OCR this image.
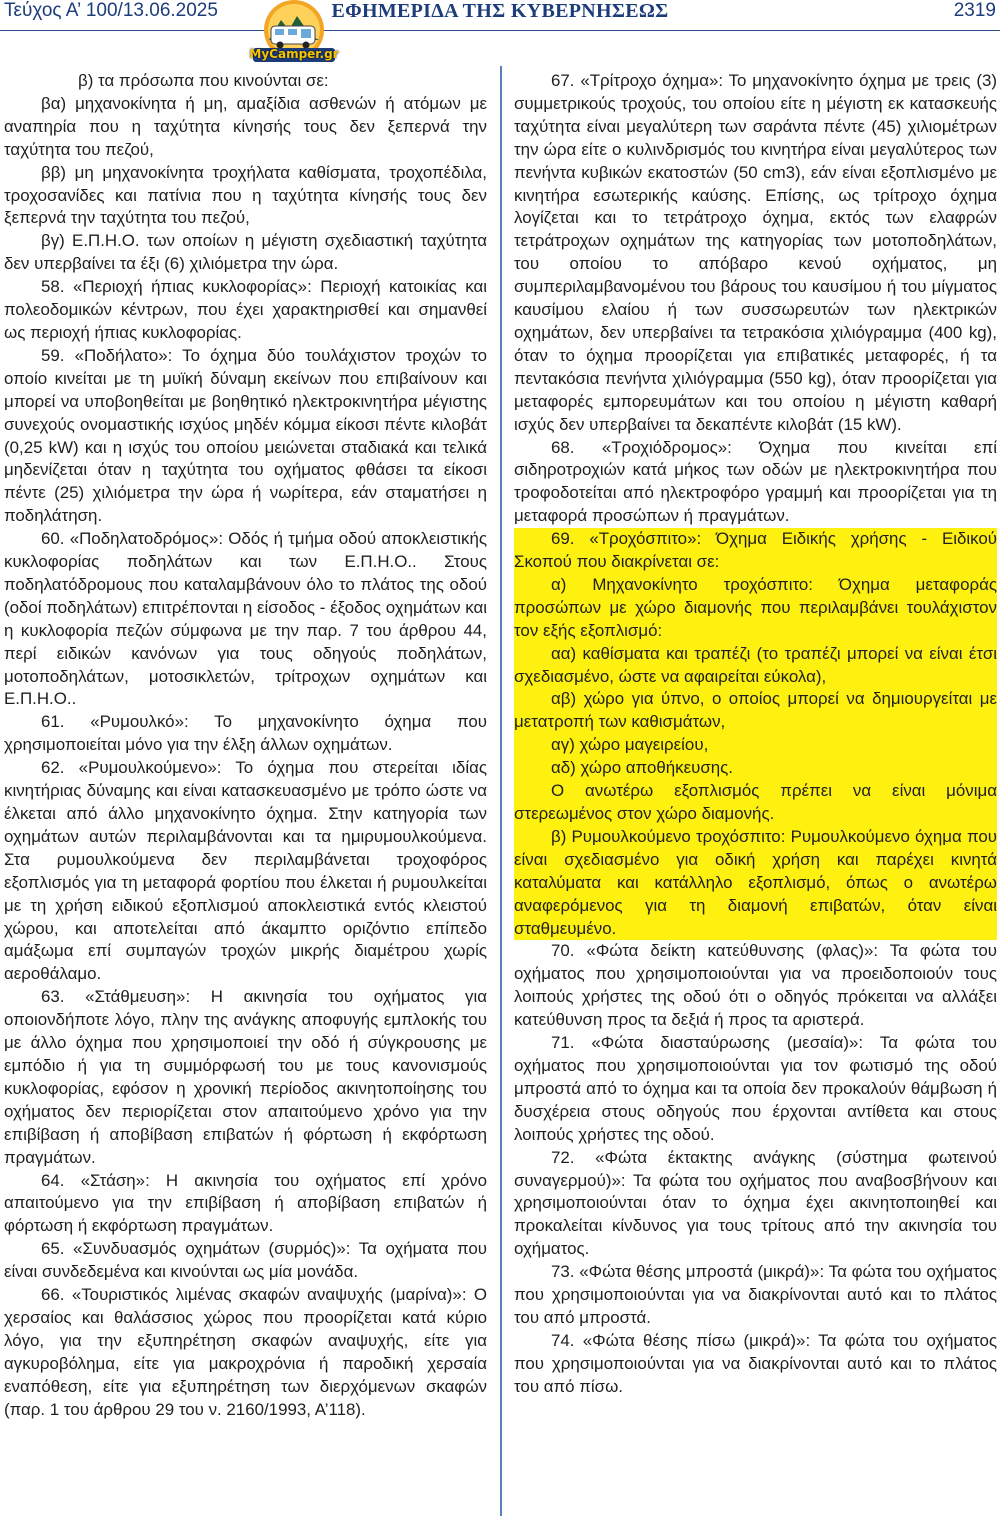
Τεύχος Α’ 100/13.06.2025	ΕΦΗΜΕΡΙΔΑ ΤΗΣ ΚΥΒΕΡΝΗΣΕΩΣ	2319
MyCamper.gr

β) τα πρόσωπα που κινούνται σε:

βα) μηχανοκίνητα ή μη, αμαξίδια ασθενών ή ατόμων με αναπηρία που η ταχύτητα κίνησής τους δεν ξεπερνά την ταχύτητα του πεζού,

ββ) μη μηχανοκίνητα τροχήλατα καθίσματα, τροχοπέδιλα, τροχοσανίδες και πατίνια που η ταχύτητα κίνησής τους δεν ξεπερνά την ταχύτητα του πεζού,

βγ) Ε.Π.Η.Ο. των οποίων η μέγιστη σχεδιαστική ταχύτητα δεν υπερβαίνει τα έξι (6) χιλιόμετρα την ώρα.

58. «Περιοχή ήπιας κυκλοφορίας»: Περιοχή κατοικίας και πολεοδομικών κέντρων, που έχει χαρακτηρισθεί και σημανθεί ως περιοχή ήπιας κυκλοφορίας.

59. «Ποδήλατο»: Το όχημα δύο τουλάχιστον τροχών το οποίο κινείται με τη μυϊκή δύναμη εκείνων που επιβαίνουν και μπορεί να υποβοηθείται με βοηθητικό ηλεκτροκινητήρα μέγιστης συνεχούς ονομαστικής ισχύος μηδέν κόμμα είκοσι πέντε κιλοβάτ (0,25 kW) και η ισχύς του οποίου μειώνεται σταδιακά και τελικά μηδενίζεται όταν η ταχύτητα του οχήματος φθάσει τα είκοσι πέντε (25) χιλιόμετρα την ώρα ή νωρίτερα, εάν σταματήσει η ποδηλάτηση.

60. «Ποδηλατοδρόμος»: Οδός ή τμήμα οδού αποκλειστικής κυκλοφορίας ποδηλάτων και των Ε.Π.Η.Ο.. Στους ποδηλατόδρομους που καταλαμβάνουν όλο το πλάτος της οδού (οδοί ποδηλάτων) επιτρέπονται η είσοδος - έξοδος οχημάτων και η κυκλοφορία πεζών σύμφωνα με την παρ. 7 του άρθρου 44, περί ειδικών κανόνων για τους οδηγούς ποδηλάτων, μοτοποδηλάτων, μοτοσικλετών, τρίτροχων οχημάτων και Ε.Π.Η.Ο..

61. «Ρυμουλκό»: Το μηχανοκίνητο όχημα που χρησιμοποιείται μόνο για την έλξη άλλων οχημάτων.

62. «Ρυμουλκούμενο»: Το όχημα που στερείται ιδίας κινητήριας δύναμης και είναι κατασκευασμένο με τρόπο ώστε να έλκεται από άλλο μηχανοκίνητο όχημα. Στην κατηγορία των οχημάτων αυτών περιλαμβάνονται και τα ημιρυμουλκούμενα. Στα ρυμουλκούμενα δεν περιλαμβάνεται τροχοφόρος εξοπλισμός για τη μεταφορά φορτίου που έλκεται ή ρυμουλκείται με τη χρήση ειδικού εξοπλισμού αποκλειστικά εντός κλειστού χώρου, και αποτελείται από άκαμπτο οριζόντιο επίπεδο αμάξωμα επί συμπαγών τροχών μικρής διαμέτρου χωρίς αεροθάλαμο.

63. «Στάθμευση»: Η ακινησία του οχήματος για οποιονδήποτε λόγο, πλην της ανάγκης αποφυγής εμπλοκής του με άλλο όχημα που χρησιμοποιεί την οδό ή σύγκρουσης με εμπόδιο ή για τη συμμόρφωσή του με τους κανονισμούς κυκλοφορίας, εφόσον η χρονική περίοδος ακινητοποίησης του οχήματος δεν περιορίζεται στον απαιτούμενο χρόνο για την επιβίβαση ή αποβίβαση επιβατών ή φόρτωση ή εκφόρτωση πραγμάτων.

64. «Στάση»: Η ακινησία του οχήματος επί χρόνο απαιτούμενο για την επιβίβαση ή αποβίβαση επιβατών ή φόρτωση ή εκφόρτωση πραγμάτων.

65. «Συνδυασμός οχημάτων (συρμός)»: Τα οχήματα που είναι συνδεδεμένα και κινούνται ως μία μονάδα.

66. «Τουριστικός λιμένας σκαφών αναψυχής (μαρίνα)»: Ο χερσαίος και θαλάσσιος χώρος που προορίζεται κατά κύριο λόγο, για την εξυπηρέτηση σκαφών αναψυχής, είτε για αγκυροβόλημα, είτε για μακροχρόνια ή παροδική χερσαία εναπόθεση, είτε για εξυπηρέτηση των διερχόμενων σκαφών (παρ. 1 του άρθρου 29 του ν. 2160/1993, Α’118).

67. «Τρίτροχο όχημα»: Το μηχανοκίνητο όχημα με τρεις (3) συμμετρικούς τροχούς, του οποίου είτε η μέγιστη εκ κατασκευής ταχύτητα είναι μεγαλύτερη των σαράντα πέντε (45) χιλιομέτρων την ώρα είτε ο κυλινδρισμός του κινητήρα είναι μεγαλύτερος των πενήντα κυβικών εκατοστών (50 cm3), εάν είναι εξοπλισμένο με κινητήρα εσωτερικής καύσης. Επίσης, ως τρίτροχο όχημα λογίζεται και το τετράτροχο όχημα, εκτός των ελαφρών τετράτροχων οχημάτων της κατηγορίας των μοτοποδηλάτων, του οποίου το απόβαρο κενού οχήματος, μη συμπεριλαμβανομένου του βάρους του καυσίμου ή του μίγματος καυσίμου ελαίου ή των συσσωρευτών των ηλεκτρικών οχημάτων, δεν υπερβαίνει τα τετρακόσια χιλιόγραμμα (400 kg), όταν το όχημα προορίζεται για επιβατικές μεταφορές, ή τα πεντακόσια πενήντα χιλιόγραμμα (550 kg), όταν προορίζεται για μεταφορές εμπορευμάτων και του οποίου η μέγιστη καθαρή ισχύς δεν υπερβαίνει τα δεκαπέντε κιλοβάτ (15 kW).

68. «Τροχιόδρομος»: Όχημα που κινείται επί σιδηροτροχιών κατά μήκος των οδών με ηλεκτροκινητήρα που τροφοδοτείται από ηλεκτροφόρο γραμμή και προορίζεται για τη μεταφορά προσώπων ή πραγμάτων.

69. «Τροχόσπιτο»: Όχημα Ειδικής χρήσης - Ειδικού Σκοπού που διακρίνεται σε:

α) Μηχανοκίνητο τροχόσπιτο: Όχημα μεταφοράς προσώπων με χώρο διαμονής που περιλαμβάνει τουλάχιστον τον εξής εξοπλισμό:

αα) καθίσματα και τραπέζι (το τραπέζι μπορεί να είναι έτσι σχεδιασμένο, ώστε να αφαιρείται εύκολα),

αβ) χώρο για ύπνο, ο οποίος μπορεί να δημιουργείται με μετατροπή των καθισμάτων,

αγ) χώρο μαγειρείου,

αδ) χώρο αποθήκευσης.

Ο ανωτέρω εξοπλισμός πρέπει να είναι μόνιμα στερεωμένος στον χώρο διαμονής.

β) Ρυμουλκούμενο τροχόσπιτο: Ρυμουλκούμενο όχημα που είναι σχεδιασμένο για οδική χρήση και παρέχει κινητά καταλύματα και κατάλληλο εξοπλισμό, όπως ο ανωτέρω αναφερόμενος για τη διαμονή επιβατών, όταν είναι σταθμευμένο.

70. «Φώτα δείκτη κατεύθυνσης (φλας)»: Τα φώτα του οχήματος που χρησιμοποιούνται για να προειδοποιούν τους λοιπούς χρήστες της οδού ότι ο οδηγός πρόκειται να αλλάξει κατεύθυνση προς τα δεξιά ή προς τα αριστερά.

71. «Φώτα διασταύρωσης (μεσαία)»: Τα φώτα του οχήματος που χρησιμοποιούνται για τον φωτισμό της οδού μπροστά από το όχημα και τα οποία δεν προκαλούν θάμβωση ή δυσχέρεια στους οδηγούς που έρχονται αντίθετα και στους λοιπούς χρήστες της οδού.

72. «Φώτα έκτακτης ανάγκης (σύστημα φωτεινού συναγερμού)»: Τα φώτα του οχήματος που αναβοσβήνουν και χρησιμοποιούνται όταν το όχημα έχει ακινητοποιηθεί και προκαλείται κίνδυνος για τους τρίτους από την ακινησία του οχήματος.

73. «Φώτα θέσης μπροστά (μικρά)»: Τα φώτα του οχήματος που χρησιμοποιούνται για να διακρίνονται αυτό και το πλάτος του από μπροστά.

74. «Φώτα θέσης πίσω (μικρά)»: Τα φώτα του οχήματος που χρησιμοποιούνται για να διακρίνονται αυτό και το πλάτος του από πίσω.
